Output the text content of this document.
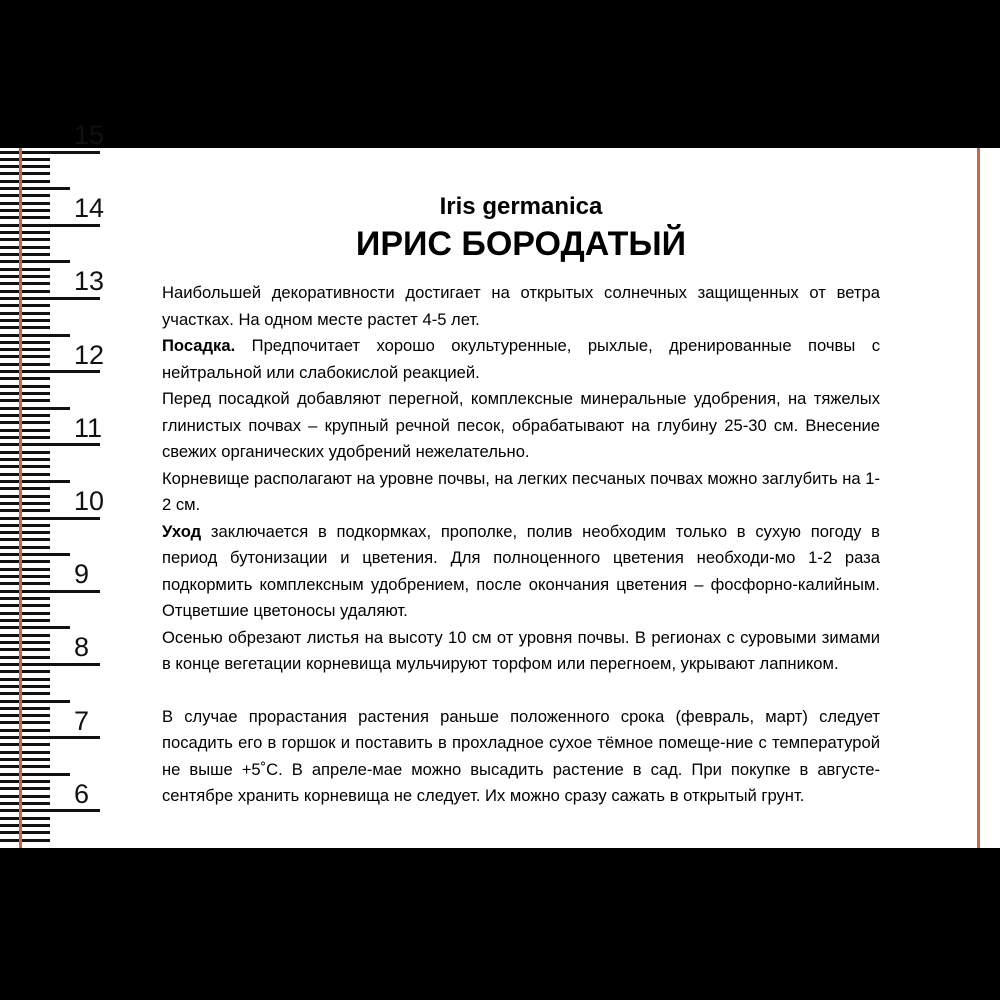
15
14
13
12
11
10
9
8
7
6
Iris germanica
ИРИС БОРОДАТЫЙ

Наибольшей декоративности достигает на открытых солнечных защищенных от ветра участках. На одном месте растет 4-5 лет.

Посадка. Предпочитает хорошо окультуренные, рыхлые, дренированные почвы с нейтральной или слабокислой реакцией.

Перед посадкой добавляют перегной, комплексные минеральные удобрения, на тяжелых глинистых почвах – крупный речной песок, обрабатывают на глубину 25-30 см. Внесение свежих органических удобрений нежелательно.

Корневище располагают на уровне почвы, на легких песчаных почвах можно заглубить на 1-2 см.

Уход заключается в подкормках, прополке, полив необходим только в сухую погоду в период бутонизации и цветения. Для полноценного цветения необходи-мо 1-2 раза подкормить комплексным удобрением, после окончания цветения – фосфорно-калийным. Отцветшие цветоносы удаляют.

Осенью обрезают листья на высоту 10 см от уровня почвы. В регионах с суровыми зимами в конце вегетации корневища мульчируют торфом или перегноем, укрывают лапником.

В случае прорастания растения раньше положенного срока (февраль, март) следует посадить его в горшок и поставить в прохладное сухое тёмное помеще-ние с температурой не выше +5˚С. В апреле-мае можно высадить растение в сад. При покупке в августе-сентябре хранить корневища не следует. Их можно сразу сажать в открытый грунт.
